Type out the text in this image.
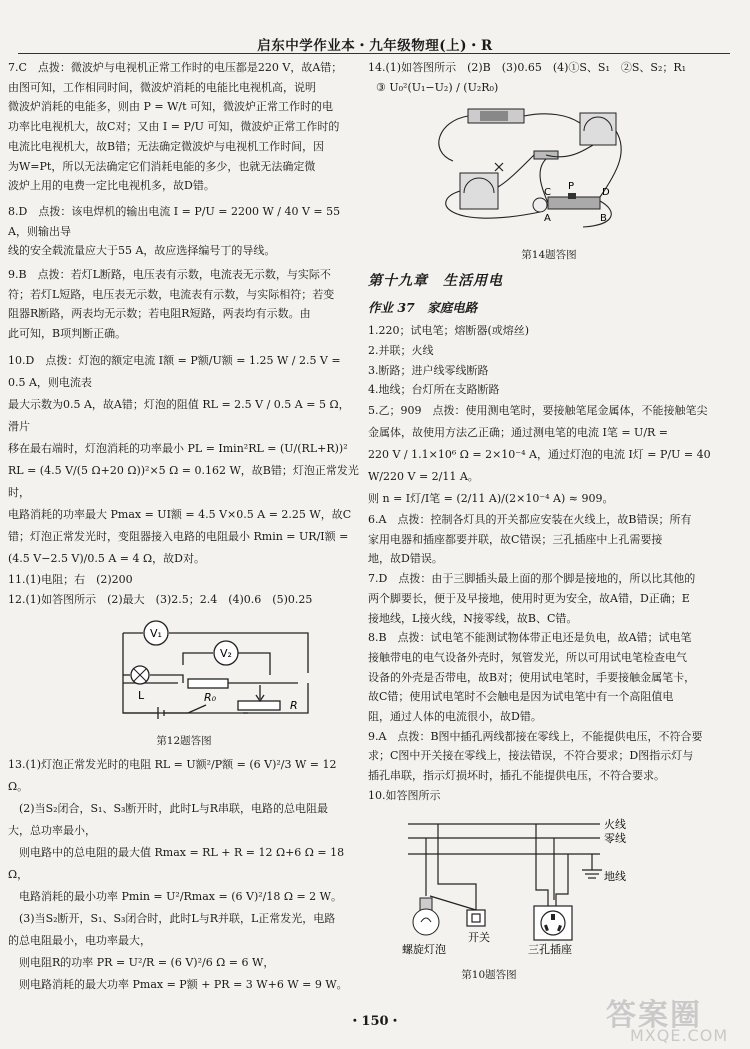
启东中学作业本・九年级物理(上)・R

7.C　点拨：微波炉与电视机正常工作时的电压都是220 V，故A错；

由图可知，工作相同时间，微波炉消耗的电能比电视机高，说明

微波炉消耗的电能多，则由 P = W/t 可知，微波炉正常工作时的电

功率比电视机大，故C对；又由 I = P/U 可知，微波炉正常工作时的

电流比电视机大，故B错；无法确定微波炉与电视机工作时间，因

为W=Pt，所以无法确定它们消耗电能的多少，也就无法确定微

波炉上用的电费一定比电视机多，故D错。

8.D　点拨：该电焊机的输出电流 I = P/U = 2200 W / 40 V = 55 A，则输出导

线的安全载流量应大于55 A，故应选择编号丁的导线。

9.B　点拨：若灯L断路，电压表有示数，电流表无示数，与实际不

符；若灯L短路，电压表无示数，电流表有示数，与实际相符；若变

阻器R断路，两表均无示数；若电阻R短路，两表均有示数。由

此可知，B项判断正确。

10.D　点拨：灯泡的额定电流 I额 = P额/U额 = 1.25 W / 2.5 V = 0.5 A，则电流表

最大示数为0.5 A，故A错；灯泡的阻值 RL = 2.5 V / 0.5 A = 5 Ω，滑片

移在最右端时，灯泡消耗的功率最小 PL = Imin²RL = (U/(RL+R))²

RL = (4.5 V/(5 Ω+20 Ω))²×5 Ω = 0.162 W，故B错；灯泡正常发光时，

电路消耗的功率最大 Pmax = UI额 = 4.5 V×0.5 A = 2.25 W，故C

错；灯泡正常发光时，变阻器接入电路的电阻最小 Rmin = UR/I额 =

(4.5 V−2.5 V)/0.5 A = 4 Ω，故D对。

11.(1)电阻；右　(2)200

12.(1)如答图所示　(2)最大　(3)2.5；2.4　(4)0.6　(5)0.25

V₁
V₂
L	R₀
R
第12题答图

13.(1)灯泡正常发光时的电阻 RL = U额²/P额 = (6 V)²/3 W = 12 Ω。

　(2)当S₂闭合，S₁、S₃断开时，此时L与R串联，电路的总电阻最

大，总功率最小，

　则电路中的总电阻的最大值 Rmax = RL + R = 12 Ω+6 Ω = 18 Ω，

　电路消耗的最小功率 Pmin = U²/Rmax = (6 V)²/18 Ω = 2 W。

　(3)当S₂断开，S₁、S₃闭合时，此时L与R并联，L正常发光，电路

的总电阻最小，电功率最大，

　则电阻R的功率 PR = U²/R = (6 V)²/6 Ω = 6 W，

　则电路消耗的最大功率 Pmax = P额 + PR = 3 W+6 W = 9 W。

14.(1)如答图所示　(2)B　(3)0.65　(4)①S、S₁　②S、S₂；R₁

③ U₀²(U₁−U₂) / (U₂R₀)

C
P
D
A	B
第14题答图
第十九章　生活用电
作业 37　家庭电路

1.220；试电笔；熔断器(或熔丝)

2.并联；火线

3.断路；进户线零线断路

4.地线；台灯所在支路断路

5.乙；909　点拨：使用测电笔时，要接触笔尾金属体，不能接触笔尖

金属体，故使用方法乙正确；通过测电笔的电流 I笔 = U/R =

220 V / 1.1×10⁶ Ω = 2×10⁻⁴ A，通过灯泡的电流 I灯 = P/U = 40 W/220 V = 2/11 A。

则 n = I灯/I笔 = (2/11 A)/(2×10⁻⁴ A) ≈ 909。

6.A　点拨：控制各灯具的开关都应安装在火线上，故B错误；所有

家用电器和插座都要并联，故C错误；三孔插座中上孔需要接

地，故D错误。

7.D　点拨：由于三脚插头最上面的那个脚是接地的，所以比其他的

两个脚要长，便于及早接地，使用时更为安全，故A错，D正确；E

接地线，L接火线，N接零线，故B、C错。

8.B　点拨：试电笔不能测试物体带正电还是负电，故A错；试电笔

接触带电的电气设备外壳时，氖管发光，所以可用试电笔检查电气

设备的外壳是否带电，故B对；使用试电笔时，手要接触金属笔卡，

故C错；使用试电笔时不会触电是因为试电笔中有一个高阻值电

阻，通过人体的电流很小，故D错。

9.A　点拨：B图中插孔两线都接在零线上，不能提供电压，不符合要

求；C图中开关接在零线上，接法错误，不符合要求；D图指示灯与

插孔串联，指示灯损坏时，插孔不能提供电压，不符合要求。

10.如答图所示

火线
零线
地线
螺旋灯泡
开关
三孔插座
第10题答图
・150・	答案圈
MXQE.COM
